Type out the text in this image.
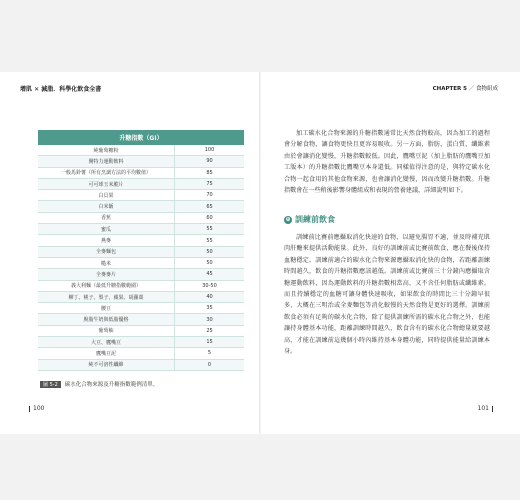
增肌 ✕ 減脂．科學化飲食全書	CHAPTER 5 ／ 食物組成
升糖指數（GI）	
純葡萄糖粉	100
開特力運動飲料	90
一般馬鈴薯（所有烹調方法的平均數值）	85
可可球玉米脆片	75
白貝果	70
白米飯	65
香蕉	60
蜜瓜	55
燕麥	55
全麥麵包	50
糙米	50
全麥麥片	45
義大利麵（最低升糖指數範圍）	30-50
柳丁、桃子、梨子、蘋果、胡蘿蔔	40
腰豆	35
脫脂牛奶與低脂優格	30
葡萄柚	25
大豆、鷹嘴豆	15
鷹嘴豆泥	5
純不可溶性纖維	0
圖 5-2 碳水化合物來源及升糖指數範例清單。
100	101

加工碳水化合物來源的升糖指數通常比天然食物較高，因為加工的過程會分解食物，讓食物更快且更容易吸收。另一方面，脂肪、蛋白質、纖維素由於會讓消化變慢，升糖指數較低。因此，鷹嘴豆泥（加上脂肪的鷹嘴豆加工版本）的升糖指數比鷹嘴豆本身還低。同樣值得注意的是，與特定碳水化合物一起食用的其他食物來源，也會讓消化變慢，因而改變升糖指數。升糖指數會在一些稍後影響身體組成和表現的營養建議，詳細說明如下。

⊕ 訓練前飲食

訓練前比賽前應攝取消化快速的食物，以避免腸胃不適，並及時補充肌肉肝醣來提供活動能量。此外，良好的訓練前或比賽前飲食，應在餐後保持血糖穩定。訓練前適合的碳水化合物來源應攝取消化快的食物，若距離訓練時間越久，飲食的升糖指數應該越低。訓練前或比賽前三十分鐘內應攝取含糖運動飲料，因為運動飲料的升糖指數相當高，又不含任何脂肪或纖維素。而且持續穩定的血糖可讓身體快速吸收，如果飲食的時間比三十分鐘早很多，大概在三明治或全麥麵包等消化較慢的天然食物是更好的選擇。訓練前飲食必須有足夠的碳水化合物，除了提供訓練所需的碳水化合物之外，也能讓持身體基本功能，距離訓練時間越久，飲食含有的碳水化合物總量就要越高，才能在訓練前這幾個小時內維持基本身體功能，同時提供能量給訓練本身。
